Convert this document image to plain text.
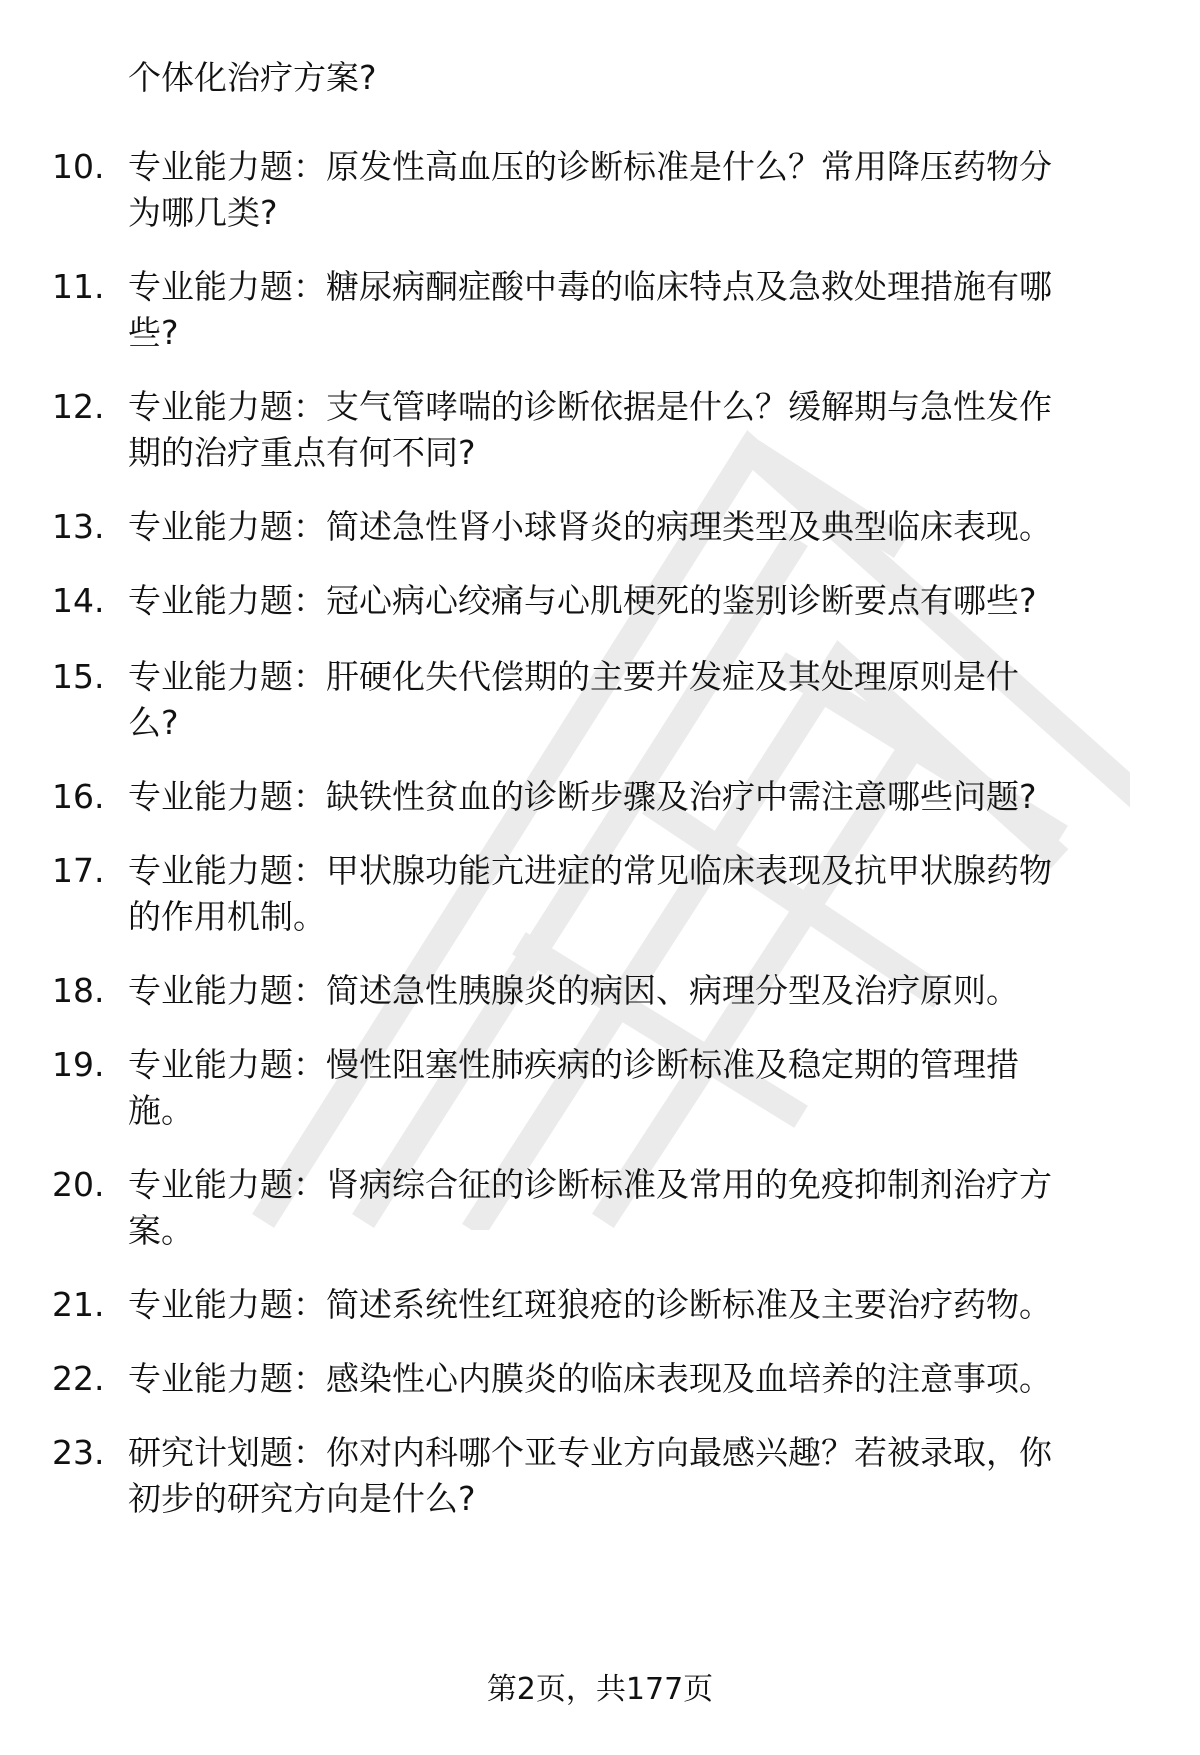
个体化治疗方案?
10. 专业能力题：原发性高血压的诊断标准是什么？常用降压药物分
为哪几类?
11. 专业能力题：糖尿病酮症酸中毒的临床特点及急救处理措施有哪
些?
12. 专业能力题：支气管哮喘的诊断依据是什么？缓解期与急性发作
期的治疗重点有何不同?
13. 专业能力题：简述急性肾小球肾炎的病理类型及典型临床表现。
14. 专业能力题：冠心病心绞痛与心肌梗死的鉴别诊断要点有哪些?
15. 专业能力题：肝硬化失代偿期的主要并发症及其处理原则是什
么?
16. 专业能力题：缺铁性贫血的诊断步骤及治疗中需注意哪些问题?
17. 专业能力题：甲状腺功能亢进症的常见临床表现及抗甲状腺药物
的作用机制。
18. 专业能力题：简述急性胰腺炎的病因、病理分型及治疗原则。
19. 专业能力题：慢性阻塞性肺疾病的诊断标准及稳定期的管理措
施。
20. 专业能力题：肾病综合征的诊断标准及常用的免疫抑制剂治疗方
案。
21. 专业能力题：简述系统性红斑狼疮的诊断标准及主要治疗药物。
22. 专业能力题：感染性心内膜炎的临床表现及血培养的注意事项。
23. 研究计划题：你对内科哪个亚专业方向最感兴趣？若被录取，你
初步的研究方向是什么?
第2页，共177页
